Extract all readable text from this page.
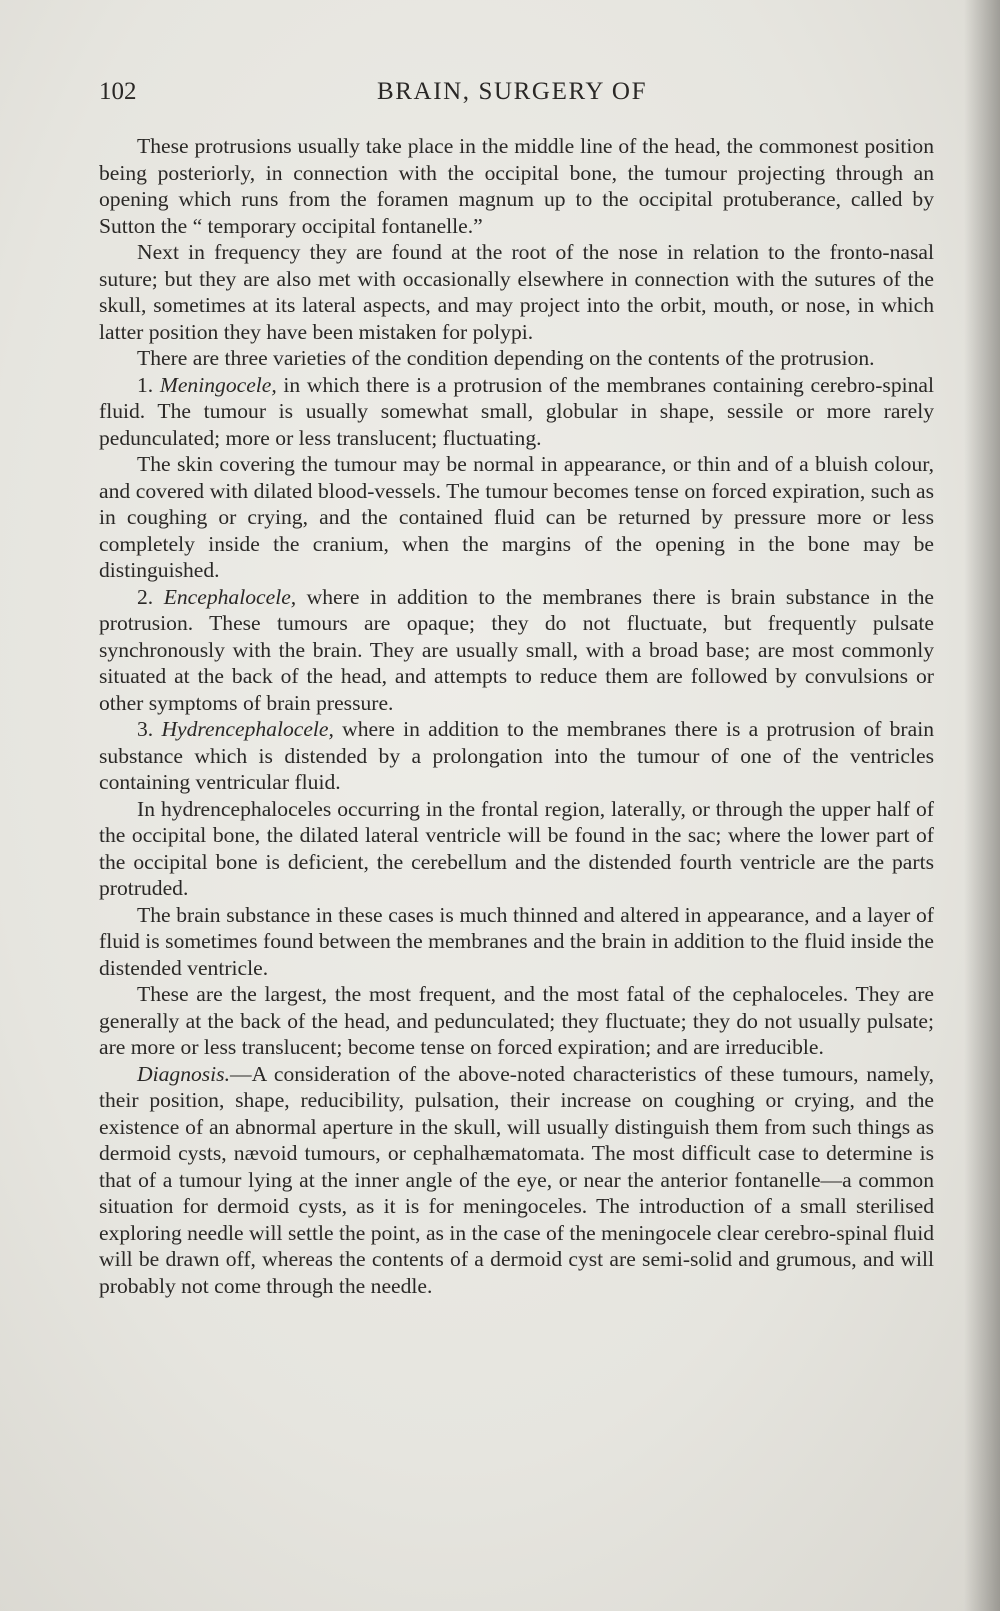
102	BRAIN, SURGERY OF

These protrusions usually take place in the middle line of the head, the commonest position being posteriorly, in connection with the occipital bone, the tumour projecting through an opening which runs from the foramen magnum up to the occipital protuberance, called by Sutton the “ temporary occipital fontanelle.”

Next in frequency they are found at the root of the nose in relation to the fronto-nasal suture; but they are also met with occasionally elsewhere in connection with the sutures of the skull, sometimes at its lateral aspects, and may project into the orbit, mouth, or nose, in which latter position they have been mistaken for polypi.

There are three varieties of the condition depending on the contents of the protrusion.

1. Meningocele, in which there is a protrusion of the membranes containing cerebro-spinal fluid. The tumour is usually somewhat small, globular in shape, sessile or more rarely pedunculated; more or less translucent; fluctuating.

The skin covering the tumour may be normal in appearance, or thin and of a bluish colour, and covered with dilated blood-vessels. The tumour becomes tense on forced expiration, such as in coughing or crying, and the contained fluid can be returned by pressure more or less completely inside the cranium, when the margins of the opening in the bone may be distinguished.

2. Encephalocele, where in addition to the membranes there is brain substance in the protrusion. These tumours are opaque; they do not fluctuate, but frequently pulsate synchronously with the brain. They are usually small, with a broad base; are most commonly situated at the back of the head, and attempts to reduce them are followed by convulsions or other symptoms of brain pressure.

3. Hydrencephalocele, where in addition to the membranes there is a protrusion of brain substance which is distended by a prolongation into the tumour of one of the ventricles containing ventricular fluid.

In hydrencephaloceles occurring in the frontal region, laterally, or through the upper half of the occipital bone, the dilated lateral ventricle will be found in the sac; where the lower part of the occipital bone is deficient, the cerebellum and the distended fourth ventricle are the parts protruded.

The brain substance in these cases is much thinned and altered in appearance, and a layer of fluid is sometimes found between the membranes and the brain in addition to the fluid inside the distended ventricle.

These are the largest, the most frequent, and the most fatal of the cephaloceles. They are generally at the back of the head, and pedunculated; they fluctuate; they do not usually pulsate; are more or less translucent; become tense on forced expiration; and are irreducible.

Diagnosis.—A consideration of the above-noted characteristics of these tumours, namely, their position, shape, reducibility, pulsation, their increase on coughing or crying, and the existence of an abnormal aperture in the skull, will usually distinguish them from such things as dermoid cysts, nævoid tumours, or cephalhæmatomata. The most difficult case to determine is that of a tumour lying at the inner angle of the eye, or near the anterior fontanelle—a common situation for dermoid cysts, as it is for meningoceles. The introduction of a small sterilised exploring needle will settle the point, as in the case of the meningocele clear cerebro-spinal fluid will be drawn off, whereas the contents of a dermoid cyst are semi-solid and grumous, and will probably not come through the needle.
